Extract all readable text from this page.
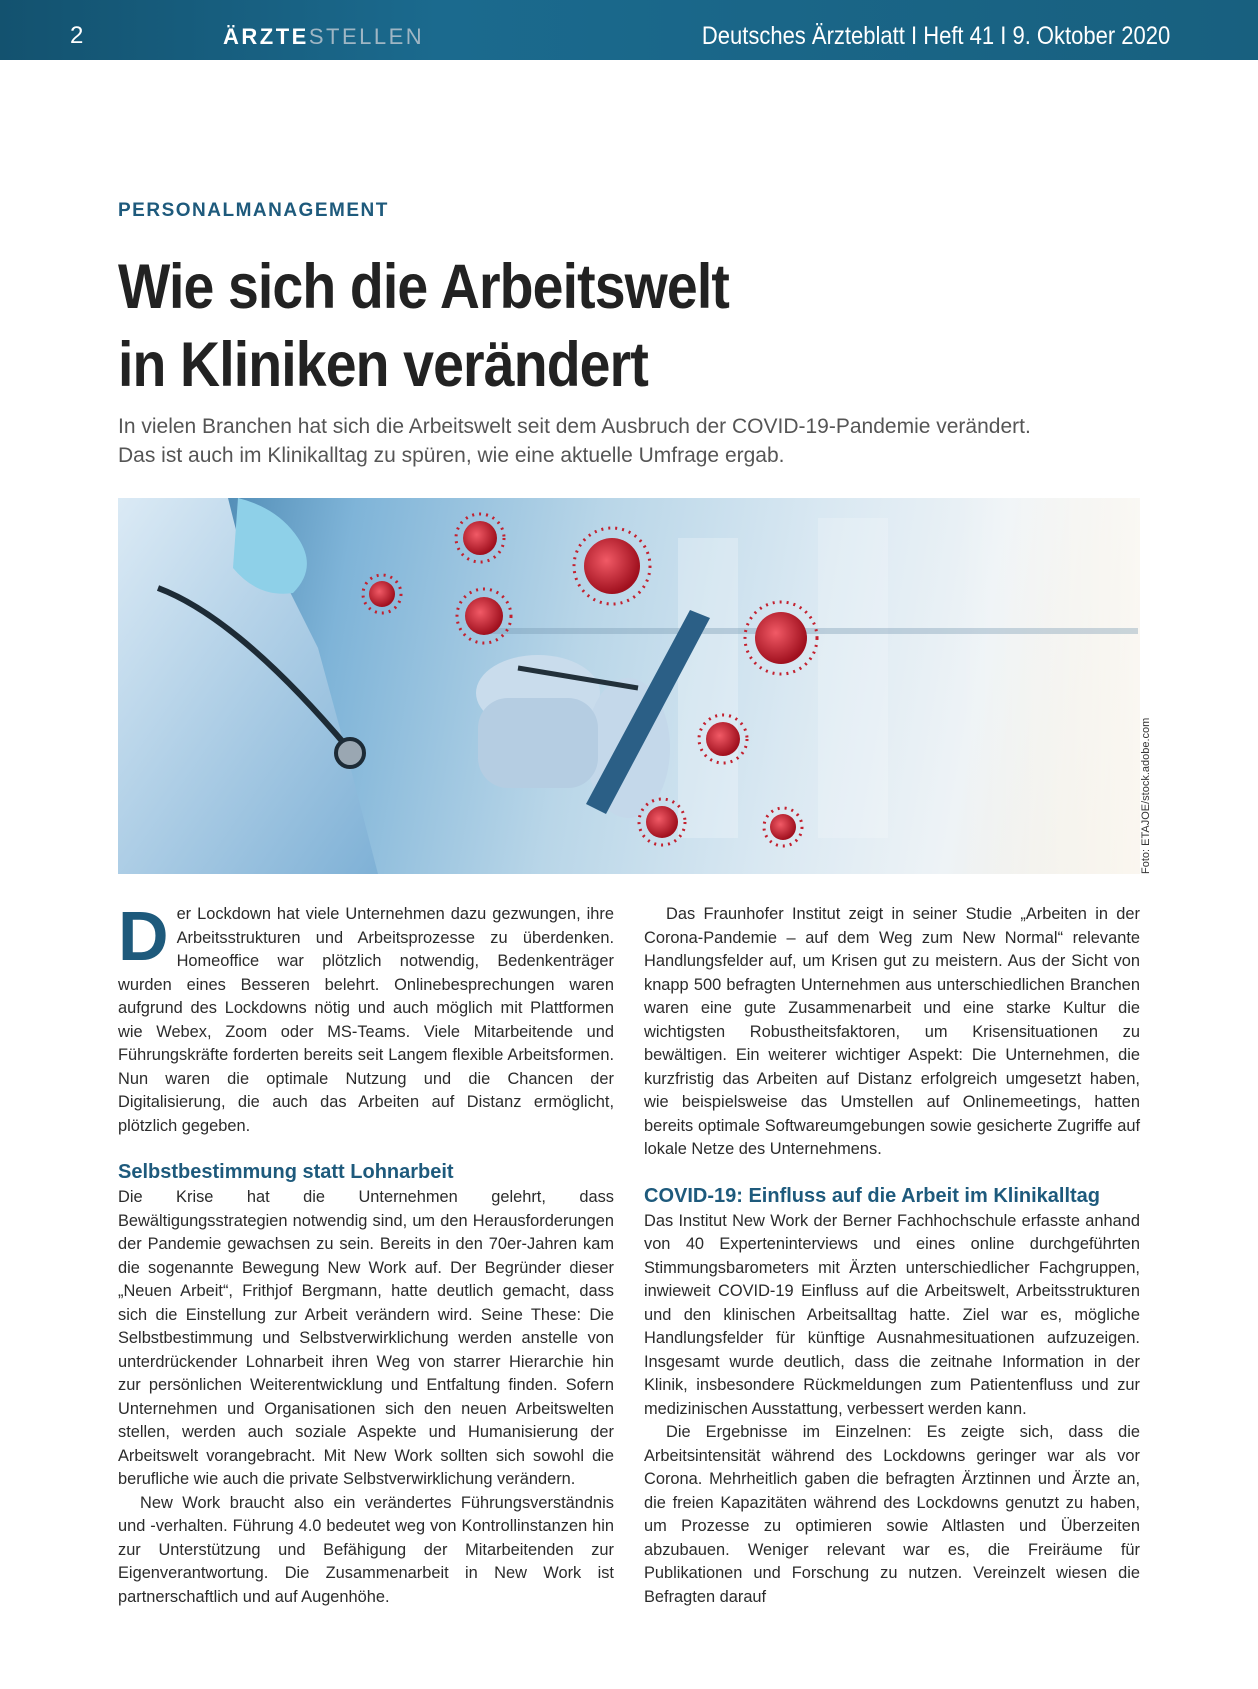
2	ÄRZTESTELLEN	Deutsches Ärzteblatt I Heft 41 I 9. Oktober 2020
PERSONALMANAGEMENT
Wie sich die Arbeitswelt
in Kliniken verändert
In vielen Branchen hat sich die Arbeitswelt seit dem Ausbruch der COVID-19-Pandemie verändert.
Das ist auch im Klinikalltag zu spüren, wie eine aktuelle Umfrage ergab.
Foto: ETAJOE/stock.adobe.com

Der Lockdown hat viele Unternehmen dazu gezwungen, ihre Arbeitsstrukturen und Arbeitsprozesse zu überdenken. Homeoffice war plötzlich notwendig, Bedenkenträger wurden eines Besseren belehrt. Onlinebesprechungen waren aufgrund des Lockdowns nötig und auch möglich mit Plattformen wie Webex, Zoom oder MS-Teams. Viele Mitarbeitende und Führungskräfte forderten bereits seit Langem flexible Arbeitsformen. Nun waren die optimale Nutzung und die Chancen der Digitalisierung, die auch das Arbeiten auf Distanz ermöglicht, plötzlich gegeben.

Selbstbestimmung statt Lohnarbeit

Die Krise hat die Unternehmen gelehrt, dass Bewältigungsstrategien notwendig sind, um den Herausforderungen der Pandemie gewachsen zu sein. Bereits in den 70er-Jahren kam die sogenannte Bewegung New Work auf. Der Begründer dieser „Neuen Arbeit“, Frithjof Bergmann, hatte deutlich gemacht, dass sich die Einstellung zur Arbeit verändern wird. Seine These: Die Selbstbestimmung und Selbstverwirklichung werden anstelle von unterdrückender Lohnarbeit ihren Weg von starrer Hierarchie hin zur persönlichen Weiterentwicklung und Entfaltung finden. Sofern Unternehmen und Organisationen sich den neuen Arbeitswelten stellen, werden auch soziale Aspekte und Humanisierung der Arbeitswelt vorangebracht. Mit New Work sollten sich sowohl die berufliche wie auch die private Selbstverwirklichung verändern.

New Work braucht also ein verändertes Führungsverständnis und -verhalten. Führung 4.0 bedeutet weg von Kontrollinstanzen hin zur Unterstützung und Befähigung der Mitarbeitenden zur Eigenverantwortung. Die Zusammenarbeit in New Work ist partnerschaftlich und auf Augenhöhe.

Das Fraunhofer Institut zeigt in seiner Studie „Arbeiten in der Corona-Pandemie – auf dem Weg zum New Normal“ relevante Handlungsfelder auf, um Krisen gut zu meistern. Aus der Sicht von knapp 500 befragten Unternehmen aus unterschiedlichen Branchen waren eine gute Zusammenarbeit und eine starke Kultur die wichtigsten Robustheitsfaktoren, um Krisensituationen zu bewältigen. Ein weiterer wichtiger Aspekt: Die Unternehmen, die kurzfristig das Arbeiten auf Distanz erfolgreich umgesetzt haben, wie beispielsweise das Umstellen auf Onlinemeetings, hatten bereits optimale Softwareumgebungen sowie gesicherte Zugriffe auf lokale Netze des Unternehmens.

COVID-19: Einfluss auf die Arbeit im Klinikalltag

Das Institut New Work der Berner Fachhochschule erfasste anhand von 40 Experteninterviews und eines online durchgeführten Stimmungsbarometers mit Ärzten unterschiedlicher Fachgruppen, inwieweit COVID-19 Einfluss auf die Arbeitswelt, Arbeitsstrukturen und den klinischen Arbeitsalltag hatte. Ziel war es, mögliche Handlungsfelder für künftige Ausnahmesituationen aufzuzeigen. Insgesamt wurde deutlich, dass die zeitnahe Information in der Klinik, insbesondere Rückmeldungen zum Patientenfluss und zur medizinischen Ausstattung, verbessert werden kann.

Die Ergebnisse im Einzelnen: Es zeigte sich, dass die Arbeitsintensität während des Lockdowns geringer war als vor Corona. Mehrheitlich gaben die befragten Ärztinnen und Ärzte an, die freien Kapazitäten während des Lockdowns genutzt zu haben, um Prozesse zu optimieren sowie Altlasten und Überzeiten abzubauen. Weniger relevant war es, die Freiräume für Publikationen und Forschung zu nutzen. Vereinzelt wiesen die Befragten darauf
